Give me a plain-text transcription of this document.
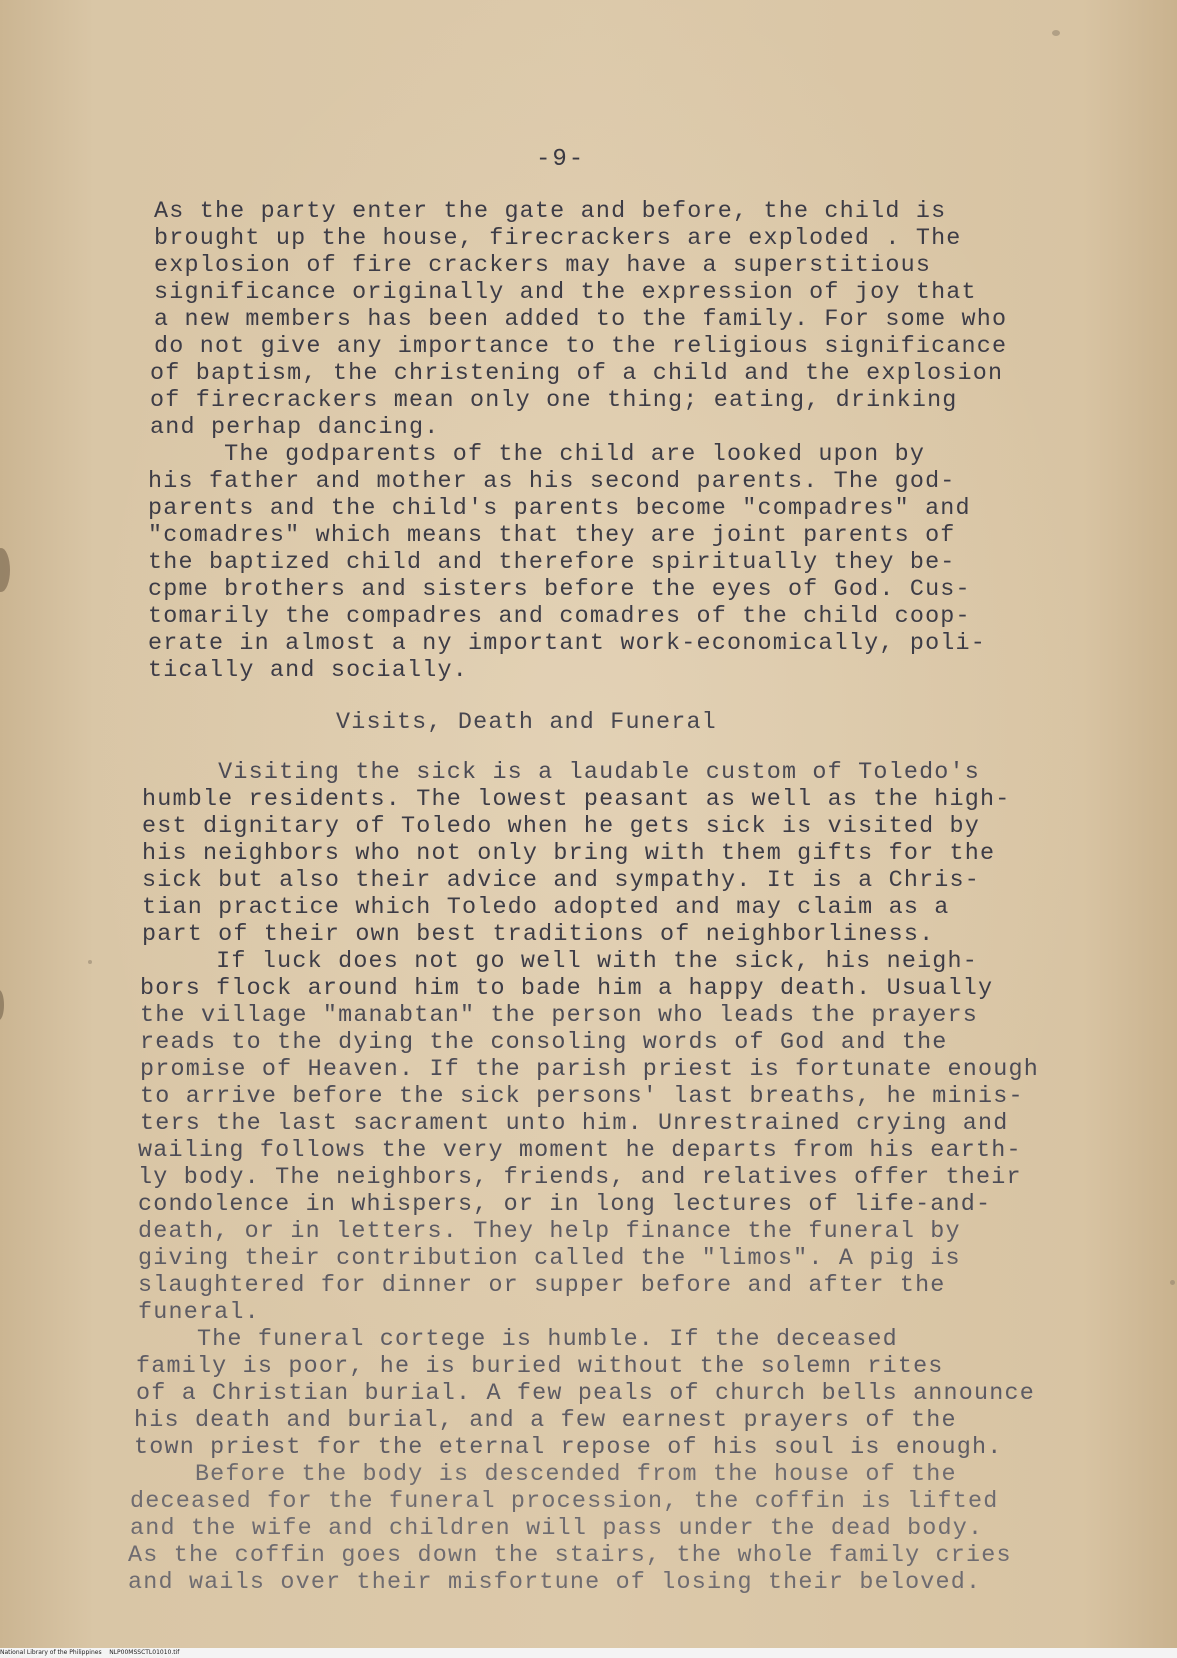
-9-
As the party enter the gate and before, the child is
brought up the house, firecrackers are exploded . The
explosion of fire crackers may have a superstitious
significance originally and the expression of joy that
a new members has been added to the family. For some who
do not give any importance to the religious significance
of baptism, the christening of a child and the explosion
of firecrackers mean only one thing; eating, drinking
and perhap dancing.
The godparents of the child are looked upon by
his father and mother as his second parents. The god-
parents and the child's parents become "compadres" and
"comadres" which means that they are joint parents of
the baptized child and therefore spiritually they be-
cpme brothers and sisters before the eyes of God. Cus-
tomarily the compadres and comadres of the child coop-
erate in almost a ny important work-economically, poli-
tically and socially.
Visits, Death and Funeral
Visiting the sick is a laudable custom of Toledo's
humble residents. The lowest peasant as well as the high-
est dignitary of Toledo when he gets sick is visited by
his neighbors who not only bring with them gifts for the
sick but also their advice and sympathy. It is a Chris-
tian practice which Toledo adopted and may claim as a
part of their own best traditions of neighborliness.
If luck does not go well with the sick, his neigh-
bors flock around him to bade him a happy death. Usually
the village "manabtan" the person who leads the prayers
reads to the dying the consoling words of God and the
promise of Heaven. If the parish priest is fortunate enough
to arrive before the sick persons' last breaths, he minis-
ters the last sacrament unto him. Unrestrained crying and
wailing follows the very moment he departs from his earth-
ly body. The neighbors, friends, and relatives offer their
condolence in whispers, or in long lectures of life-and-
death, or in letters. They help finance the funeral by
giving their contribution called the "limos". A pig is
slaughtered for dinner or supper before and after the
funeral.
The funeral cortege is humble. If the deceased
family is poor, he is buried without the solemn rites
of a Christian burial. A few peals of church bells announce
his death and burial, and a few earnest prayers of the
town priest for the eternal repose of his soul is enough.
Before the body is descended from the house of the
deceased for the funeral procession, the coffin is lifted
and the wife and children will pass under the dead body.
As the coffin goes down the stairs, the whole family cries
and wails over their misfortune of losing their beloved.
National Library of the Philippines    NLP00MSSCTL01010.tif
